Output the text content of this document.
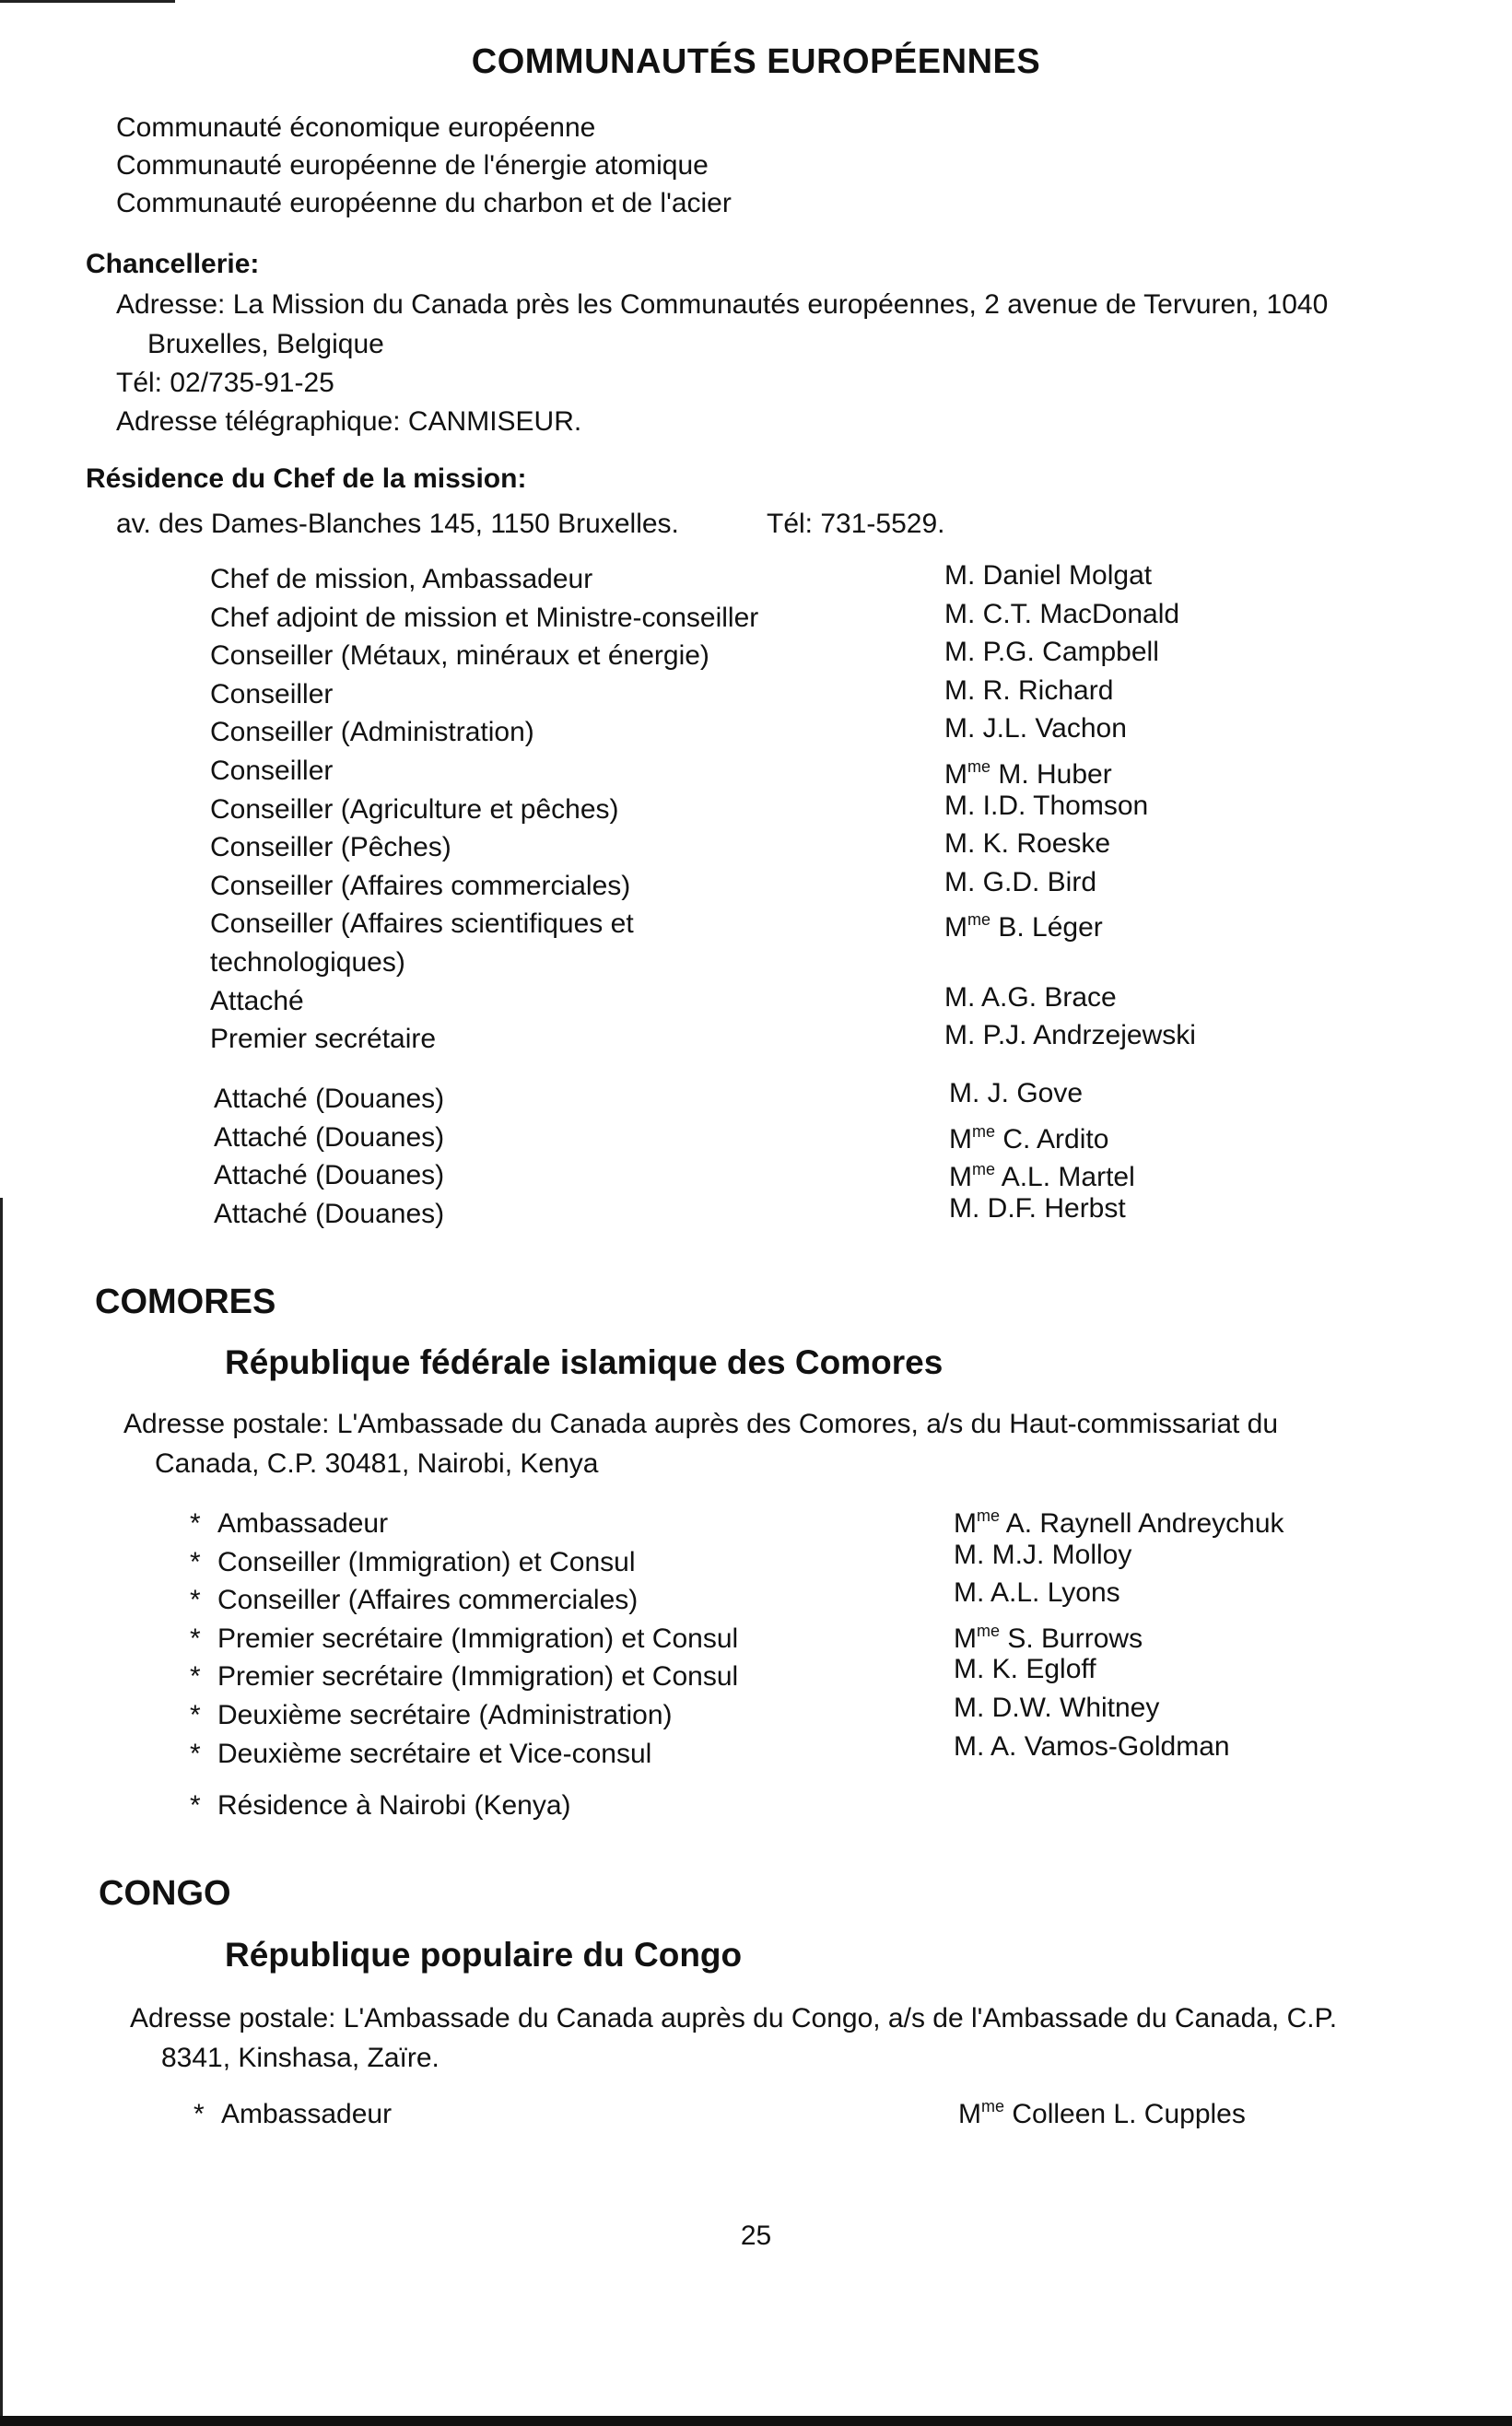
COMMUNAUTÉS EUROPÉENNES
Communauté économique européenne
Communauté européenne de l'énergie atomique
Communauté européenne du charbon et de l'acier
Chancellerie:
Adresse: La Mission du Canada près les Communautés européennes, 2 avenue de Tervuren, 1040
Bruxelles, Belgique
Tél: 02/735-91-25
Adresse télégraphique: CANMISEUR.
Résidence du Chef de la mission:
av. des Dames-Blanches 145, 1150 Bruxelles.	Tél: 731-5529.
Chef de mission, Ambassadeur
Chef adjoint de mission et Ministre-conseiller
Conseiller (Métaux, minéraux et énergie)
Conseiller
Conseiller (Administration)
Conseiller
Conseiller (Agriculture et pêches)
Conseiller (Pêches)
Conseiller (Affaires commerciales)
Conseiller (Affaires scientifiques et
technologiques)
Attaché
Premier secrétaire
M. Daniel Molgat
M. C.T. MacDonald
M. P.G. Campbell
M. R. Richard
M. J.L. Vachon
$M^{me}$ M. Huber
M. I.D. Thomson
M. K. Roeske
M. G.D. Bird
$M^{me}$ B. Léger
M. A.G. Brace
M. P.J. Andrzejewski
Attaché (Douanes)
Attaché (Douanes)
Attaché (Douanes)
Attaché (Douanes)
M. J. Gove
$M^{me}$ C. Ardito
$M^{me}$ A.L. Martel
M. D.F. Herbst
COMORES
République fédérale islamique des Comores
Adresse postale: L'Ambassade du Canada auprès des Comores, a/s du Haut-commissariat du
Canada, C.P. 30481, Nairobi, Kenya
* Ambassadeur
* Conseiller (Immigration) et Consul
* Conseiller (Affaires commerciales)
* Premier secrétaire (Immigration) et Consul
* Premier secrétaire (Immigration) et Consul
* Deuxième secrétaire (Administration)
* Deuxième secrétaire et Vice-consul
$M^{me}$ A. Raynell Andreychuk
M. M.J. Molloy
M. A.L. Lyons
$M^{me}$ S. Burrows
M. K. Egloff
M. D.W. Whitney
M. A. Vamos-Goldman
* Résidence à Nairobi (Kenya)
CONGO
République populaire du Congo
Adresse postale: L'Ambassade du Canada auprès du Congo, a/s de l'Ambassade du Canada, C.P.
8341, Kinshasa, Zaïre.
* Ambassadeur	$M^{me}$ Colleen L. Cupples
25
